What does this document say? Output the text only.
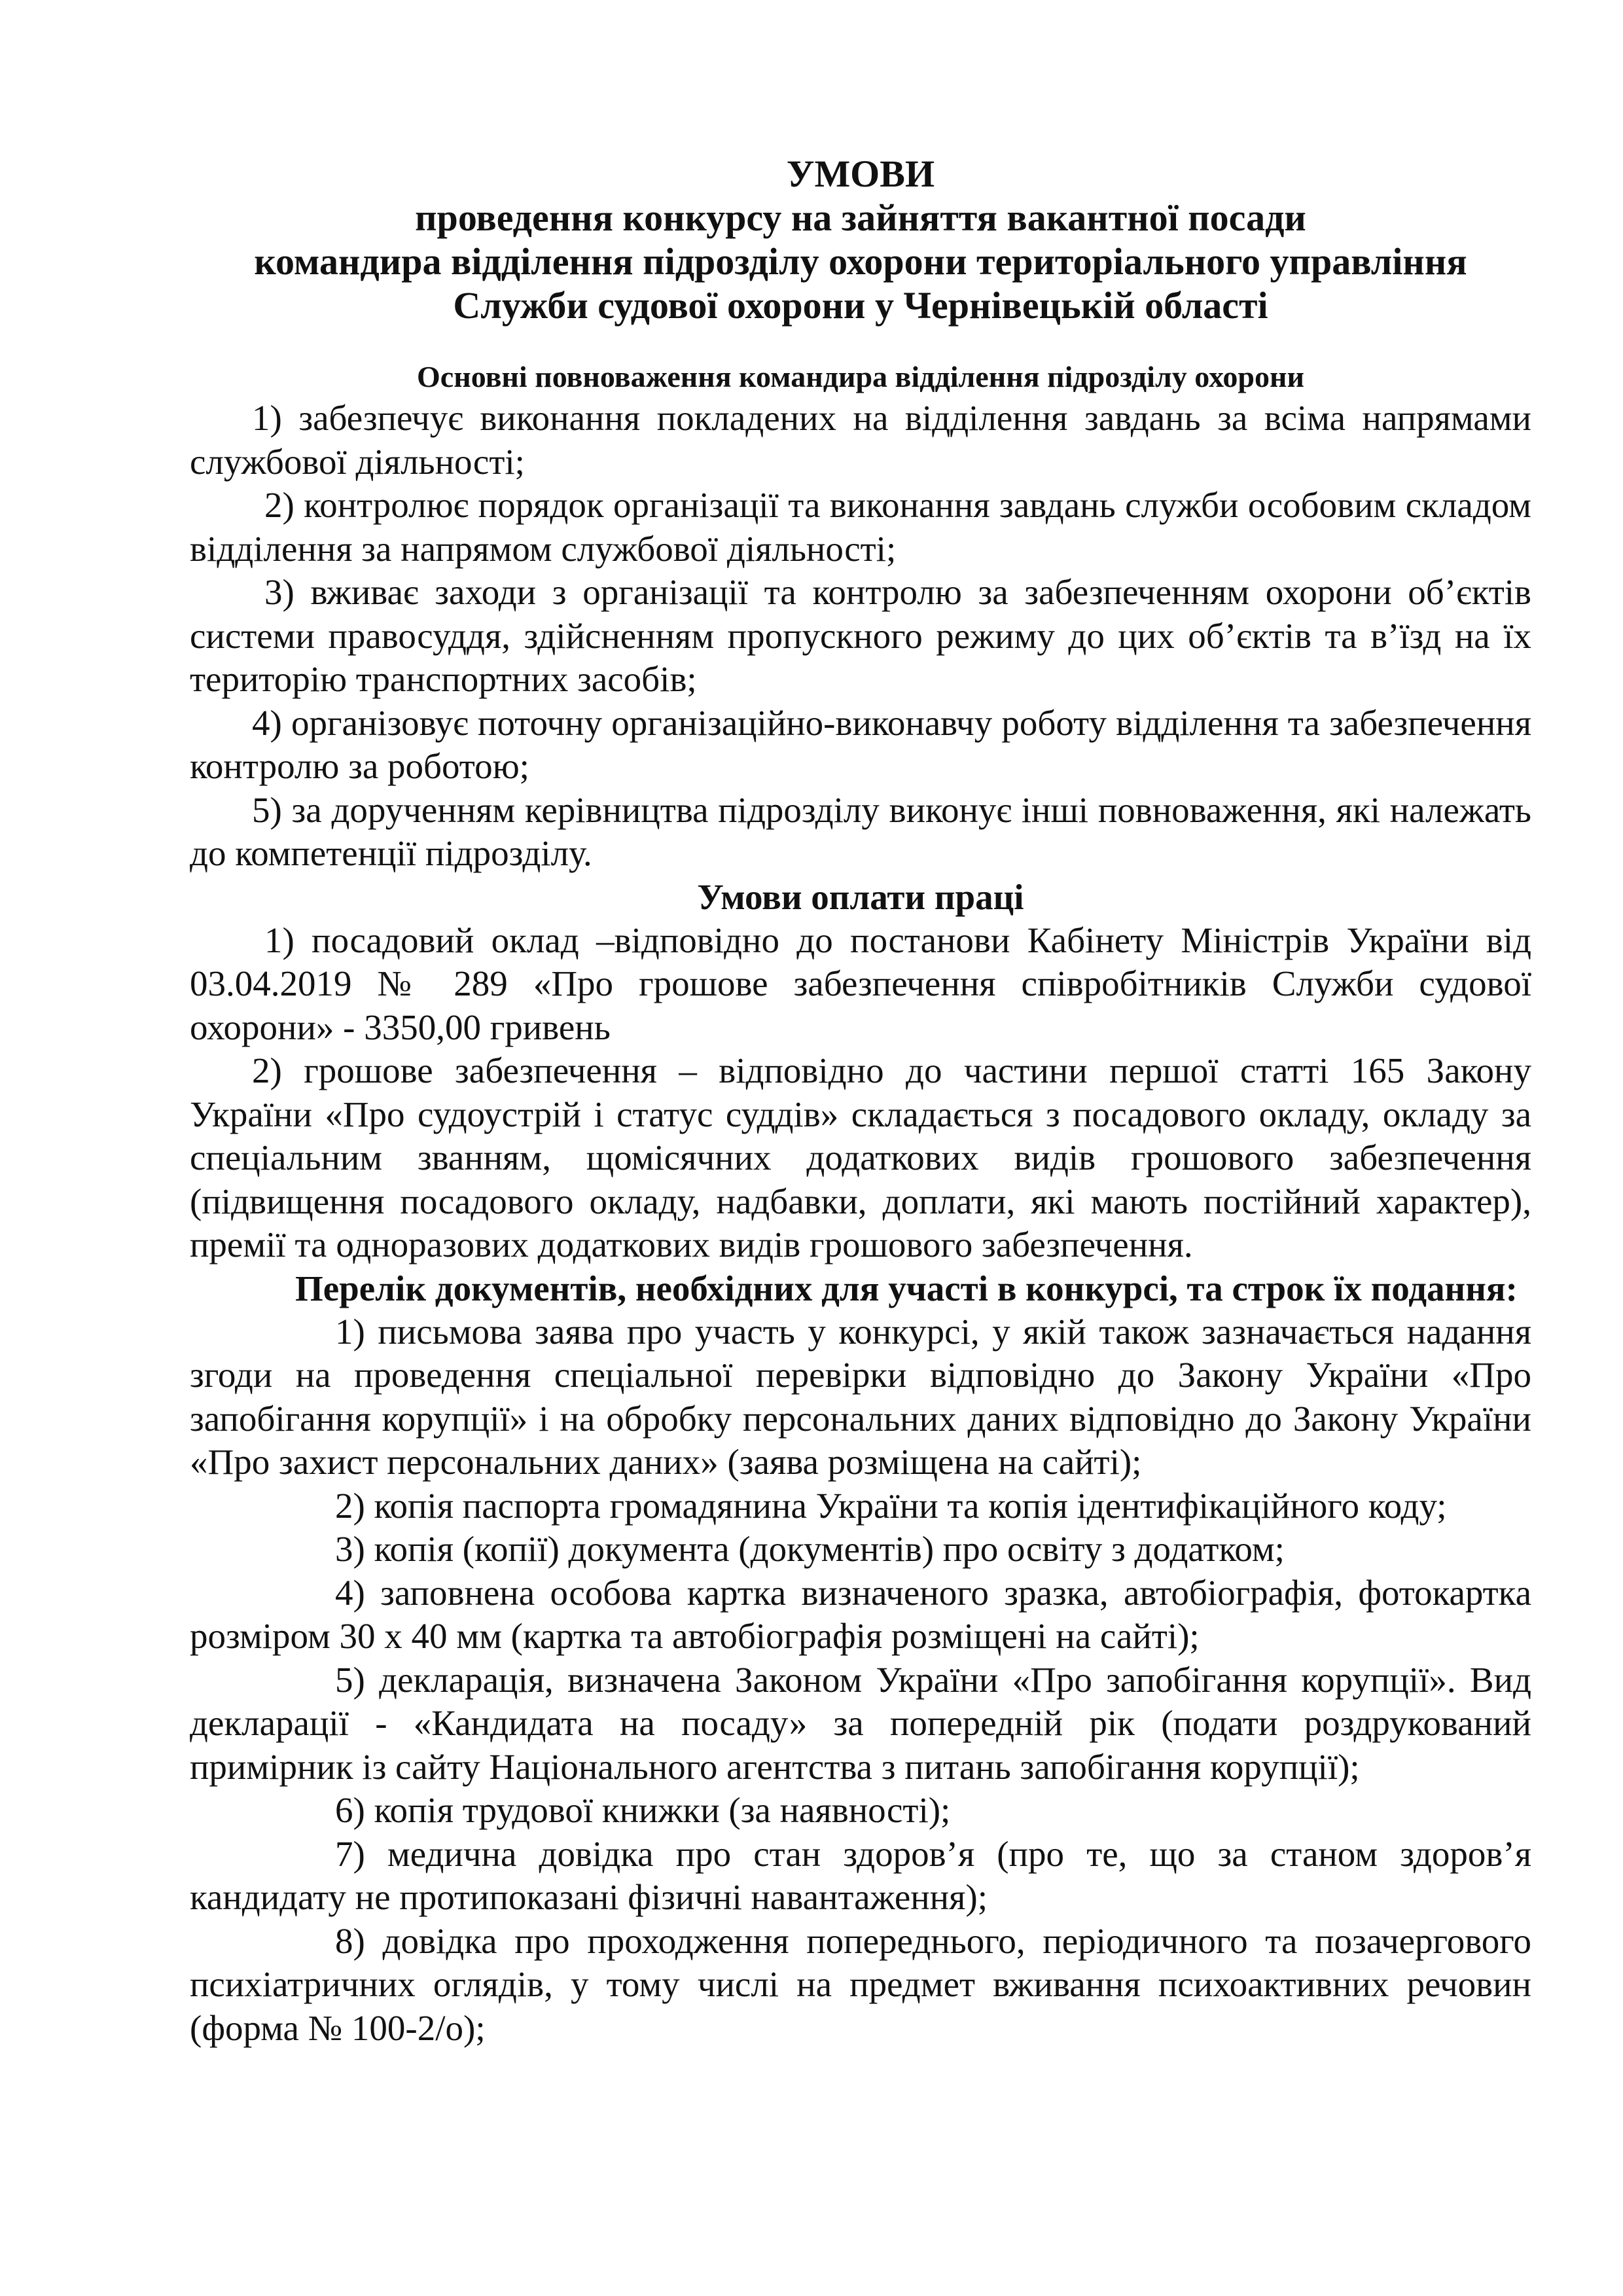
УМОВИ
проведення конкурсу на зайняття вакантної посади
командира відділення підрозділу охорони територіального управління
Служби судової охорони у Чернівецькій області
Основні повноваження командира відділення підрозділу охорони

1) забезпечує виконання покладених на відділення завдань за всіма напрямами службової діяльності;

2) контролює порядок організації та виконання завдань служби особовим складом відділення за напрямом службової діяльності;

3) вживає заходи з організації та контролю за забезпеченням охорони об’єктів системи правосуддя, здійсненням пропускного режиму до цих об’єктів та в’їзд на їх територію транспортних засобів;

4) організовує поточну організаційно-виконавчу роботу відділення та забезпечення контролю за роботою;

5) за дорученням керівництва підрозділу виконує інші повноваження, які належать до компетенції підрозділу.

Умови оплати праці

1) посадовий оклад –відповідно до постанови Кабінету Міністрів України від 03.04.2019 № 289 «Про грошове забезпечення співробітників Служби судової охорони» - 3350,00 гривень

2) грошове забезпечення – відповідно до частини першої статті 165 Закону України «Про судоустрій і статус суддів» складається з посадового окладу, окладу за спеціальним званням, щомісячних додаткових видів грошового забезпечення (підвищення посадового окладу, надбавки, доплати, які мають постійний характер), премії та одноразових додаткових видів грошового забезпечення.

Перелік документів, необхідних для участі в конкурсі, та строк їх подання:

1) письмова заява про участь у конкурсі, у якій також зазначається надання згоди на проведення спеціальної перевірки відповідно до Закону України «Про запобігання корупції» і на обробку персональних даних відповідно до Закону України «Про захист персональних даних» (заява розміщена на сайті);

2) копія паспорта громадянина України та копія ідентифікаційного коду;

3) копія (копії) документа (документів) про освіту з додатком;

4) заповнена особова картка визначеного зразка, автобіографія, фотокартка розміром 30 х 40 мм (картка та автобіографія розміщені на сайті);

5) декларація, визначена Законом України «Про запобігання корупції». Вид декларації - «Кандидата на посаду» за попередній рік (подати роздрукований примірник із сайту Національного агентства з питань запобігання корупції);

6) копія трудової книжки (за наявності);

7) медична довідка про стан здоров’я (про те, що за станом здоров’я кандидату не протипоказані фізичні навантаження);

8) довідка про проходження попереднього, періодичного та позачергового психіатричних оглядів, у тому числі на предмет вживання психоактивних речовин (форма № 100-2/о);
